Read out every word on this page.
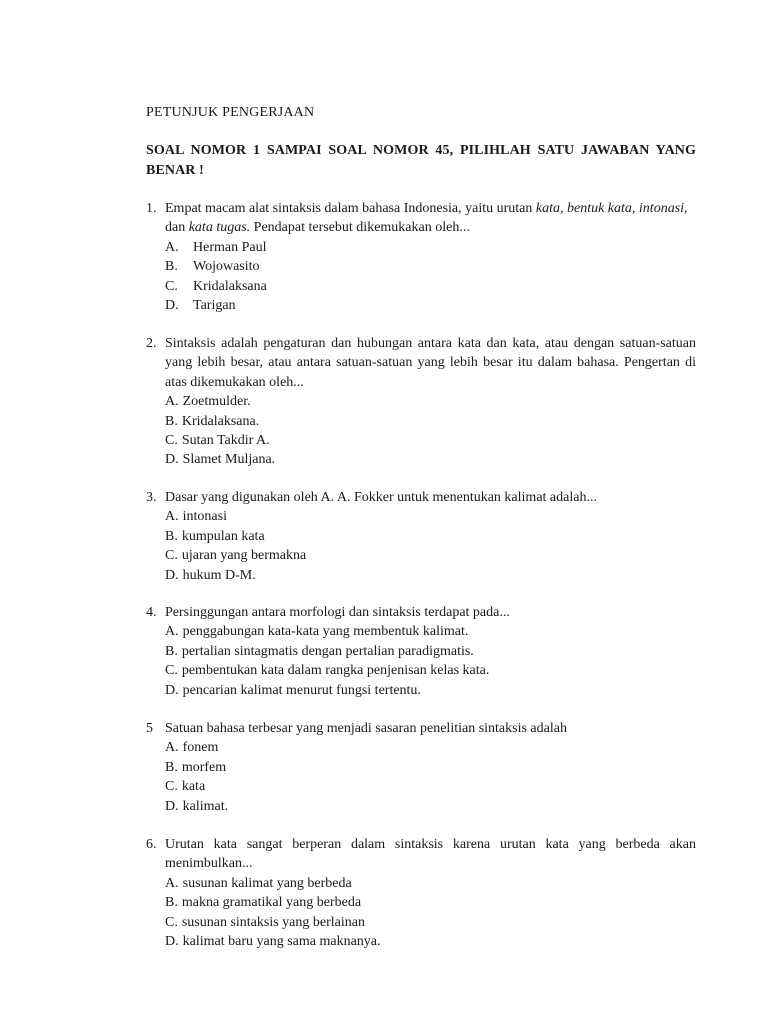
PETUNJUK PENGERJAAN
SOAL NOMOR 1 SAMPAI SOAL NOMOR 45, PILIHLAH SATU JAWABAN YANG BENAR !
1. Empat macam alat sintaksis dalam bahasa Indonesia, yaitu urutan kata, bentuk kata, intonasi, dan kata tugas. Pendapat tersebut dikemukakan oleh...
A. Herman Paul
B. Wojowasito
C. Kridalaksana
D. Tarigan
2. Sintaksis adalah pengaturan dan hubungan antara kata dan kata, atau dengan satuan-satuan yang lebih besar, atau antara satuan-satuan yang lebih besar itu dalam bahasa. Pengertan di atas dikemukakan oleh...
A. Zoetmulder.
B. Kridalaksana.
C. Sutan Takdir A.
D. Slamet Muljana.
3. Dasar yang digunakan oleh A. A. Fokker untuk menentukan kalimat adalah...
A. intonasi
B. kumpulan kata
C. ujaran yang bermakna
D. hukum D-M.
4. Persinggungan antara morfologi dan sintaksis terdapat pada...
A. penggabungan kata-kata yang membentuk kalimat.
B. pertalian sintagmatis dengan pertalian paradigmatis.
C. pembentukan kata dalam rangka penjenisan kelas kata.
D. pencarian kalimat menurut fungsi tertentu.
5 Satuan bahasa terbesar yang menjadi sasaran penelitian sintaksis adalah
A. fonem
B. morfem
C. kata
D. kalimat.
6. Urutan kata sangat berperan dalam sintaksis karena urutan kata yang berbeda akan menimbulkan...
A. susunan kalimat yang berbeda
B. makna gramatikal yang berbeda
C. susunan sintaksis yang berlainan
D. kalimat baru yang sama maknanya.
